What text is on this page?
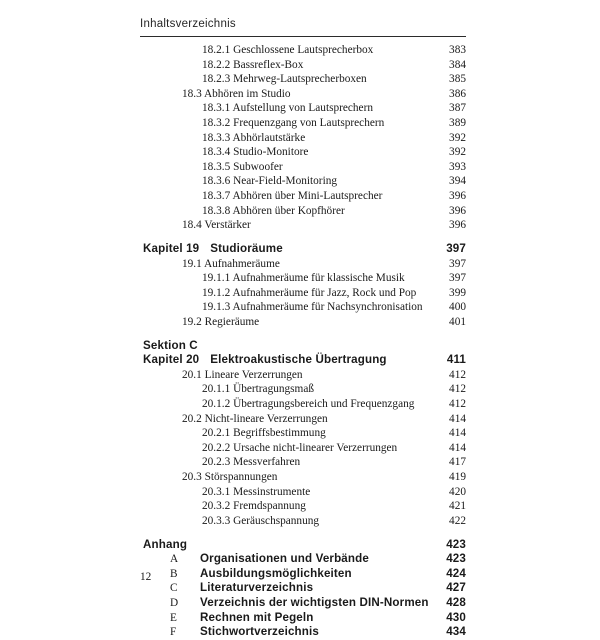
Inhaltsverzeichnis
18.2.1 Geschlossene Lautsprecherbox	383
18.2.2 Bassreflex-Box	384
18.2.3 Mehrweg-Lautsprecherboxen	385
18.3 Abhören im Studio	386
18.3.1 Aufstellung von Lautsprechern	387
18.3.2 Frequenzgang von Lautsprechern	389
18.3.3 Abhörlautstärke	392
18.3.4 Studio-Monitore	392
18.3.5 Subwoofer	393
18.3.6 Near-Field-Monitoring	394
18.3.7 Abhören über Mini-Lautsprecher	396
18.3.8 Abhören über Kopfhörer	396
18.4 Verstärker	396
Kapitel 19 Studioräume	397
19.1 Aufnahmeräume	397
19.1.1 Aufnahmeräume für klassische Musik	397
19.1.2 Aufnahmeräume für Jazz, Rock und Pop	399
19.1.3 Aufnahmeräume für Nachsynchronisation 400
19.2 Regieräume	401
Sektion C
Kapitel 20 Elektroakustische Übertragung	411
20.1 Lineare Verzerrungen	412
20.1.1 Übertragungsmaß	412
20.1.2 Übertragungsbereich und Frequenzgang	412
20.2 Nicht-lineare Verzerrungen	414
20.2.1 Begriffsbestimmung	414
20.2.2 Ursache nicht-linearer Verzerrungen	414
20.2.3 Messverfahren	417
20.3 Störspannungen	419
20.3.1 Messinstrumente	420
20.3.2 Fremdspannung	421
20.3.3 Geräuschspannung	422
Anhang	423
A Organisationen und Verbände	423
B Ausbildungsmöglichkeiten	424
C Literaturverzeichnis	427
D Verzeichnis der wichtigsten DIN-Normen 428
E Rechnen mit Pegeln	430
F Stichwortverzeichnis	434
12
